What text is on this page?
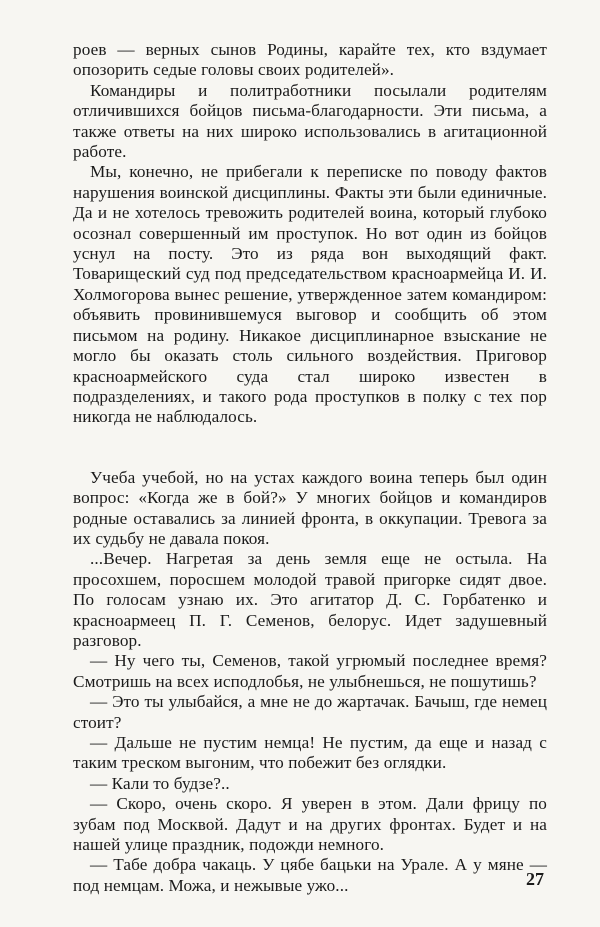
роев — верных сынов Родины, карайте тех, кто вздумает опозорить седые головы своих родителей».

Командиры и политработники посылали родителям отличившихся бойцов письма-благодарности. Эти письма, а также ответы на них широко использовались в агитационной работе.

Мы, конечно, не прибегали к переписке по поводу фактов нарушения воинской дисциплины. Факты эти были единичные. Да и не хотелось тревожить родителей воина, который глубоко осознал совершенный им проступок. Но вот один из бойцов уснул на посту. Это из ряда вон выходящий факт. Товарищеский суд под председательством красноармейца И. И. Холмогорова вынес решение, утвержденное затем командиром: объявить провинившемуся выговор и сообщить об этом письмом на родину. Никакое дисциплинарное взыскание не могло бы оказать столь сильного воздействия. Приговор красноармейского суда стал широко известен в подразделениях, и такого рода проступков в полку с тех пор никогда не наблюдалось.

Учеба учебой, но на устах каждого воина теперь был один вопрос: «Когда же в бой?» У многих бойцов и командиров родные оставались за линией фронта, в оккупации. Тревога за их судьбу не давала покоя.

...Вечер. Нагретая за день земля еще не остыла. На просохшем, поросшем молодой травой пригорке сидят двое. По голосам узнаю их. Это агитатор Д. С. Горбатенко и красноармеец П. Г. Семенов, белорус. Идет задушевный разговор.

— Ну чего ты, Семенов, такой угрюмый последнее время? Смотришь на всех исподлобья, не улыбнешься, не пошутишь?

— Это ты улыбайся, а мне не до жартачак. Бачыш, где немец стоит?

— Дальше не пустим немца! Не пустим, да еще и назад с таким треском выгоним, что побежит без оглядки.

— Кали то будзе?..

— Скоро, очень скоро. Я уверен в этом. Дали фрицу по зубам под Москвой. Дадут и на других фронтах. Будет и на нашей улице праздник, подожди немного.

— Табе добра чакаць. У цябе бацьки на Урале. А у мяне — под немцам. Можа, и нежывые ужо...	27
